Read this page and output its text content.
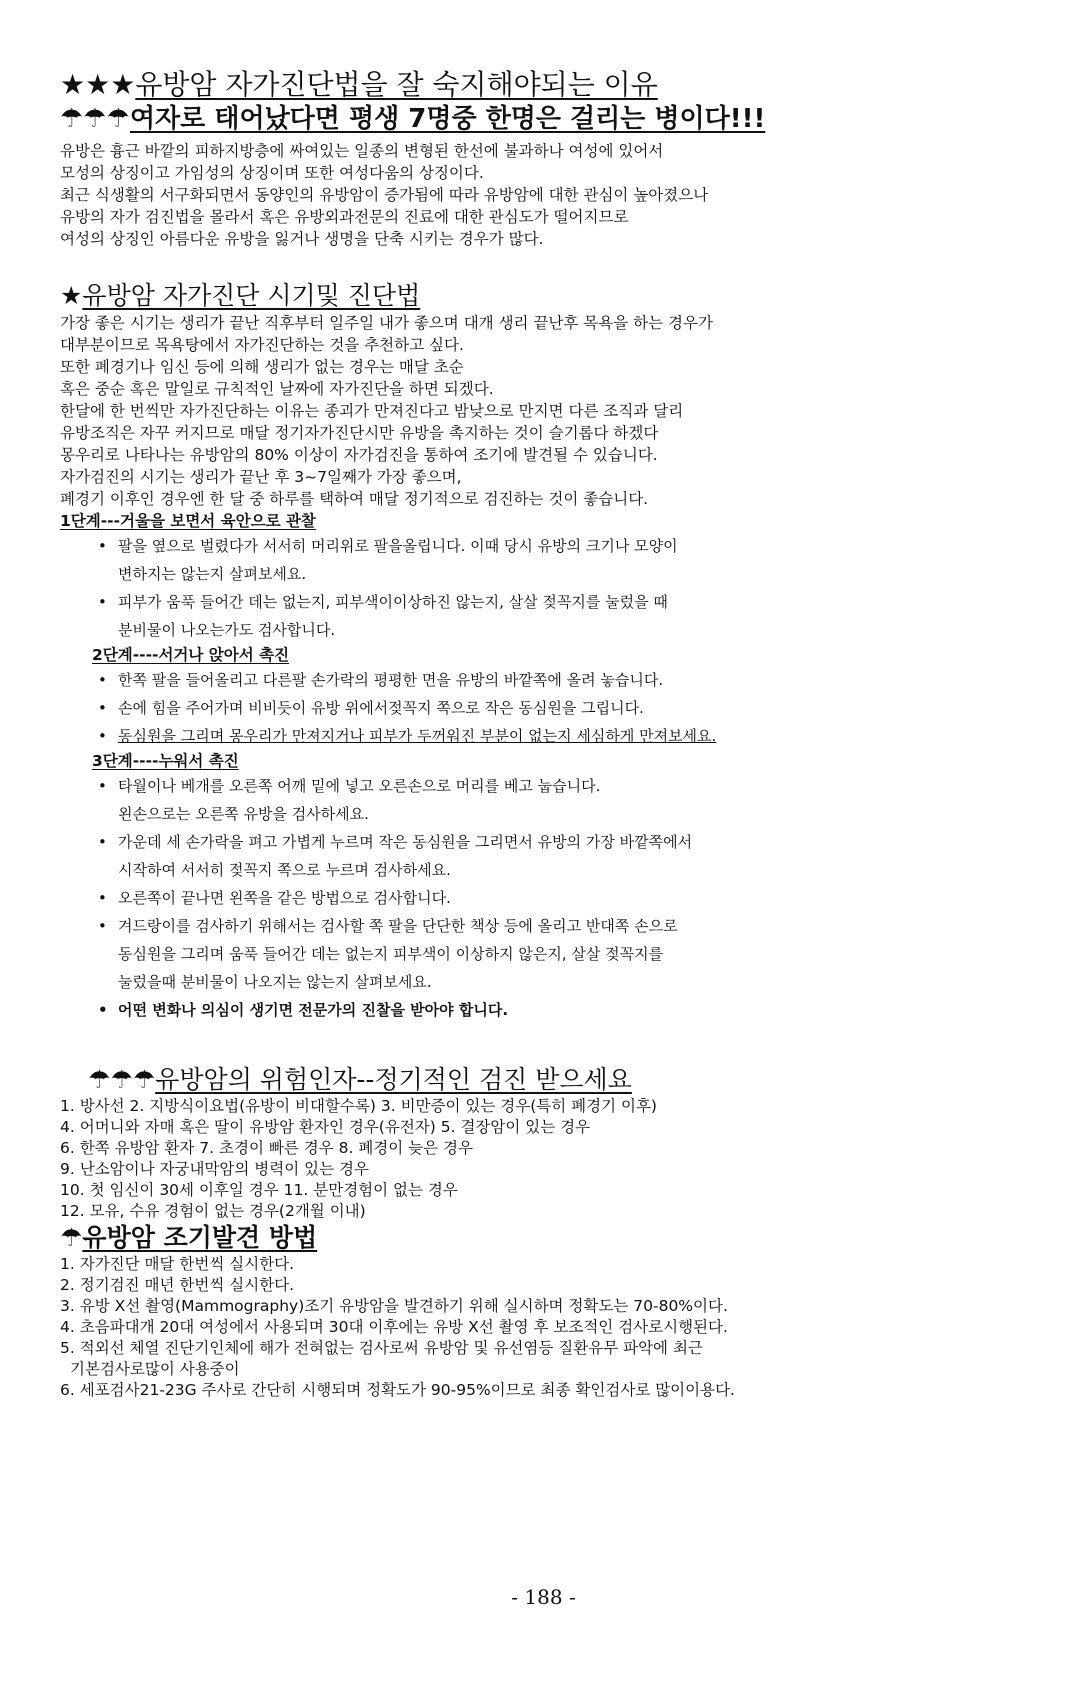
★★★유방암 자가진단법을 잘 숙지해야되는 이유
☂☂☂여자로 태어났다면 평생 7명중 한명은 걸리는 병이다!!!
유방은 흉근 바깥의 피하지방층에 싸여있는 일종의 변형된 한선에 불과하나 여성에 있어서
모성의 상징이고 가임성의 상징이며 또한 여성다움의 상징이다.
최근 식생활의 서구화되면서 동양인의 유방암이 증가됨에 따라 유방암에 대한 관심이 높아졌으나
유방의 자가 검진법을 몰라서 혹은 유방외과전문의 진료에 대한 관심도가 떨어지므로
여성의 상징인 아름다운 유방을 잃거나 생명을 단축 시키는 경우가 많다.
★유방암 자가진단 시기및 진단법
가장 좋은 시기는 생리가 끝난 직후부터 일주일 내가 좋으며 대개 생리 끝난후 목욕을 하는 경우가
대부분이므로 목욕탕에서 자가진단하는 것을 추천하고 싶다.
또한 폐경기나 임신 등에 의해 생리가 없는 경우는 매달 초순
혹은 중순 혹은 말일로 규칙적인 날짜에 자가진단을 하면 되겠다.
한달에 한 번씩만 자가진단하는 이유는 종괴가 만져진다고 밤낮으로 만지면 다른 조직과 달리
유방조직은 자꾸 커지므로 매달 정기자가진단시만 유방을 촉지하는 것이 슬기롭다 하겠다
몽우리로 나타나는 유방암의 80% 이상이 자가검진을 통하여 조기에 발견될 수 있습니다.
자가검진의 시기는 생리가 끝난 후 3~7일째가 가장 좋으며,
폐경기 이후인 경우엔 한 달 중 하루를 택하여 매달 정기적으로 검진하는 것이 좋습니다.
1단계---거울을 보면서 육안으로 관찰
• 팔을 옆으로 벌렸다가 서서히 머리위로 팔을올립니다. 이때 당시 유방의 크기나 모양이
변하지는 않는지 살펴보세요.
• 피부가 움푹 들어간 데는 없는지, 피부색이이상하진 않는지, 살살 젖꼭지를 눌렀을 때
분비물이 나오는가도 검사합니다.
2단계----서거나 앉아서 촉진
• 한쪽 팔을 들어올리고 다른팔 손가락의 평평한 면을 유방의 바깥쪽에 올려 놓습니다.
• 손에 힘을 주어가며 비비듯이 유방 위에서젖꼭지 쪽으로 작은 동심원을 그립니다.
• 동심원을 그리며 몽우리가 만져지거나 피부가 두꺼워진 부분이 없는지 세심하게 만져보세요.
3단계----누워서 촉진
• 타월이나 베개를 오른쪽 어깨 밑에 넣고 오른손으로 머리를 베고 눕습니다.
왼손으로는 오른쪽 유방을 검사하세요.
• 가운데 세 손가락을 펴고 가볍게 누르며 작은 동심원을 그리면서 유방의 가장 바깥쪽에서
시작하여 서서히 젖꼭지 쪽으로 누르며 검사하세요.
• 오른쪽이 끝나면 왼쪽을 같은 방법으로 검사합니다.
• 겨드랑이를 검사하기 위해서는 검사할 쪽 팔을 단단한 책상 등에 올리고 반대쪽 손으로
동심원을 그리며 움푹 들어간 데는 없는지 피부색이 이상하지 않은지, 살살 젖꼭지를
눌렀을때 분비물이 나오지는 않는지 살펴보세요.
• 어떤 변화나 의심이 생기면 전문가의 진찰을 받아야 합니다.
☂☂☂유방암의 위험인자--정기적인 검진 받으세요
1. 방사선 2. 지방식이요법(유방이 비대할수록) 3. 비만증이 있는 경우(특히 폐경기 이후)
4. 어머니와 자매 혹은 딸이 유방암 환자인 경우(유전자) 5. 결장암이 있는 경우
6. 한쪽 유방암 환자 7. 초경이 빠른 경우 8. 폐경이 늦은 경우
9. 난소암이나 자궁내막암의 병력이 있는 경우
10. 첫 임신이 30세 이후일 경우 11. 분만경험이 없는 경우
12. 모유, 수유 경험이 없는 경우(2개월 이내)
☂유방암 조기발견 방법
1. 자가진단 매달 한번씩 실시한다.
2. 정기검진 매년 한번씩 실시한다.
3. 유방 X선 촬영(Mammography)조기 유방암을 발견하기 위해 실시하며 정확도는 70-80%이다.
4. 초음파대개 20대 여성에서 사용되며 30대 이후에는 유방 X선 촬영 후 보조적인 검사로시행된다.
5. 적외선 체열 진단기인체에 해가 전혀없는 검사로써 유방암 및 유선염등 질환유무 파악에 최근
기본검사로많이 사용중이
6. 세포검사21-23G 주사로 간단히 시행되며 정확도가 90-95%이므로 최종 확인검사로 많이이용다.
- 188 -
